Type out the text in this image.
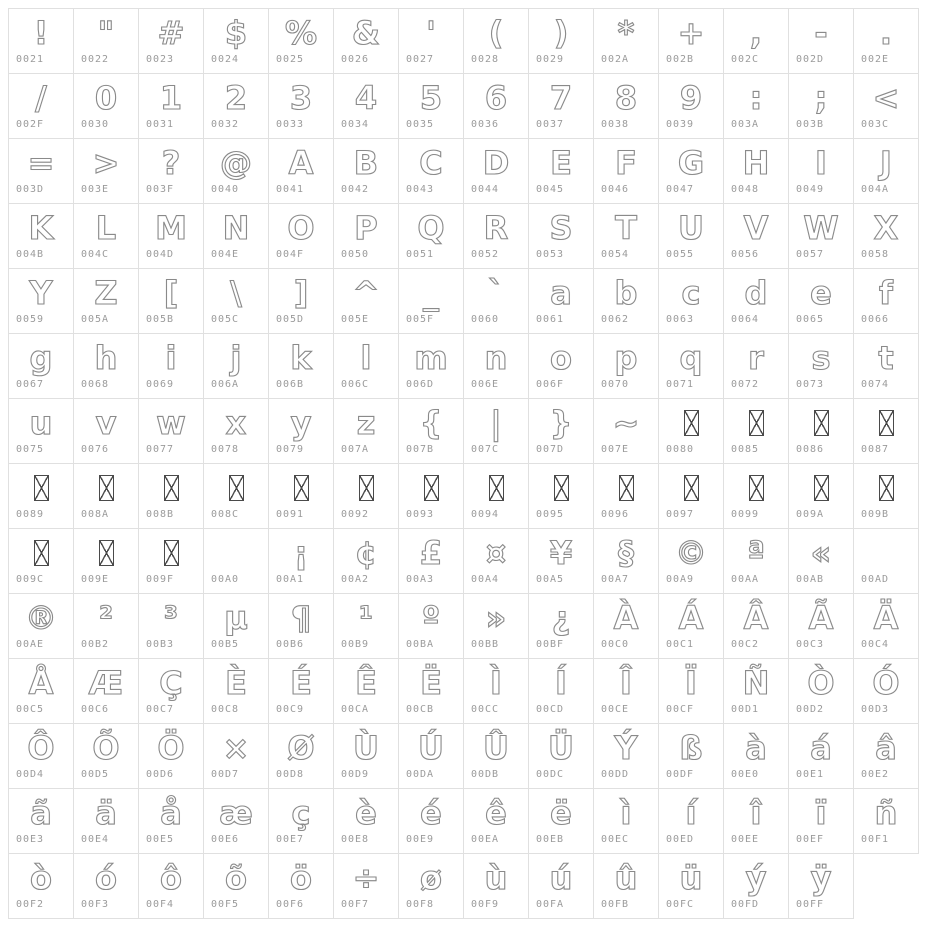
!
0021
"
0022
#
0023
$
0024
%
0025
&
0026
'
0027
(
0028
)
0029
*
002A
+
002B
,
002C
-
002D
.
002E
/
002F
0
0030
1
0031
2
0032
3
0033
4
0034
5
0035
6
0036
7
0037
8
0038
9
0039
:
003A
;
003B
<
003C
=
003D
>
003E
?
003F
@
0040
A
0041
B
0042
C
0043
D
0044
E
0045
F
0046
G
0047
H
0048
I
0049
J
004A
K
004B
L
004C
M
004D
N
004E
O
004F
P
0050
Q
0051
R
0052
S
0053
T
0054
U
0055
V
0056
W
0057
X
0058
Y
0059
Z
005A
[
005B
\
005C
]
005D
^
005E
_
005F
`
0060
a
0061
b
0062
c
0063
d
0064
e
0065
f
0066
g
0067
h
0068
i
0069
j
006A
k
006B
l
006C
m
006D
n
006E
o
006F
p
0070
q
0071
r
0072
s
0073
t
0074
u
0075
v
0076
w
0077
x
0078
y
0079
z
007A
{
007B
|
007C
}
007D
~
007E	0080	0085	0086	0087
0089	008A	008B	008C	0091	0092	0093	0094	0095	0096	0097	0099	009A	009B
009C	009E	009F	00A0
¡
00A1
¢
00A2
£
00A3
¤
00A4
¥
00A5
§
00A7
©
00A9
ª
00AA
«
00AB	00AD
®
00AE
²
00B2
³
00B3
µ
00B5
¶
00B6
¹
00B9
º
00BA
»
00BB
¿
00BF
À
00C0
Á
00C1
Â
00C2
Ã
00C3
Ä
00C4
Å
00C5
Æ
00C6
Ç
00C7
È
00C8
É
00C9
Ê
00CA
Ë
00CB
Ì
00CC
Í
00CD
Î
00CE
Ï
00CF
Ñ
00D1
Ò
00D2
Ó
00D3
Ô
00D4
Õ
00D5
Ö
00D6
×
00D7
Ø
00D8
Ù
00D9
Ú
00DA
Û
00DB
Ü
00DC
Ý
00DD
ß
00DF
à
00E0
á
00E1
â
00E2
ã
00E3
ä
00E4
å
00E5
æ
00E6
ç
00E7
è
00E8
é
00E9
ê
00EA
ë
00EB
ì
00EC
í
00ED
î
00EE
ï
00EF
ñ
00F1
ò
00F2
ó
00F3
ô
00F4
õ
00F5
ö
00F6
÷
00F7
ø
00F8
ù
00F9
ú
00FA
û
00FB
ü
00FC
ý
00FD
ÿ
00FF
